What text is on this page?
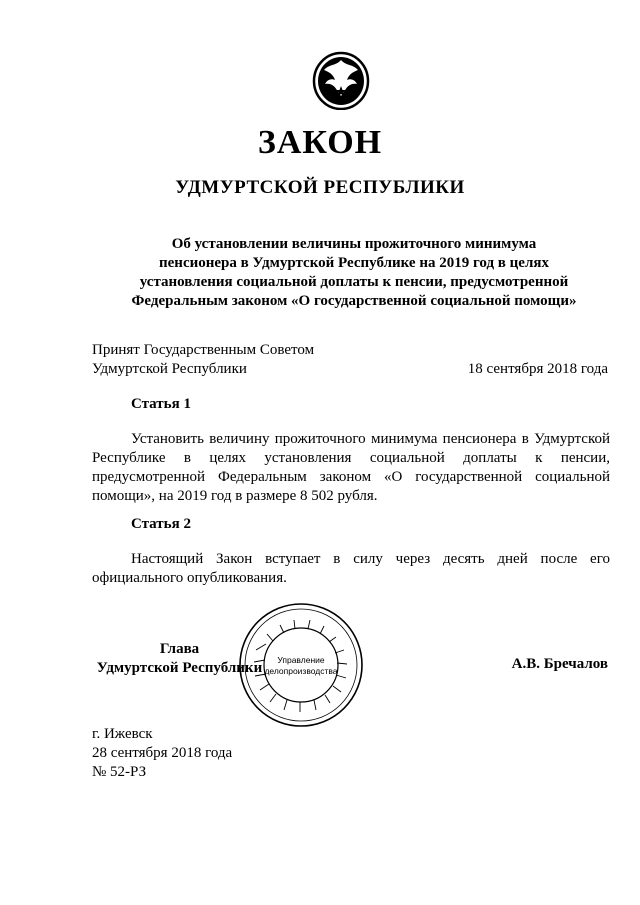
ЗАКОН
УДМУРТСКОЙ РЕСПУБЛИКИ
Об установлении величины прожиточного минимума
пенсионера в Удмуртской Республике на 2019 год в целях
установления социальной доплаты к пенсии, предусмотренной
Федеральным законом «О государственной социальной помощи»
Принят Государственным Советом
Удмуртской Республики	18 сентября 2018 года
Статья 1

Установить величину прожиточного минимума пенсионера в Удмуртской Республике в целях установления социальной доплаты к пенсии, предусмотренной Федеральным законом «О государственной социальной помощи», на 2019 год в размере 8 502 рубля.

Статья 2

Настоящий Закон вступает в силу через десять дней после его официального опубликования.

Глава
Удмуртской Республики	Управление
делопроизводства	А.В. Бречалов
г. Ижевск
28 сентября 2018 года
№ 52-РЗ
